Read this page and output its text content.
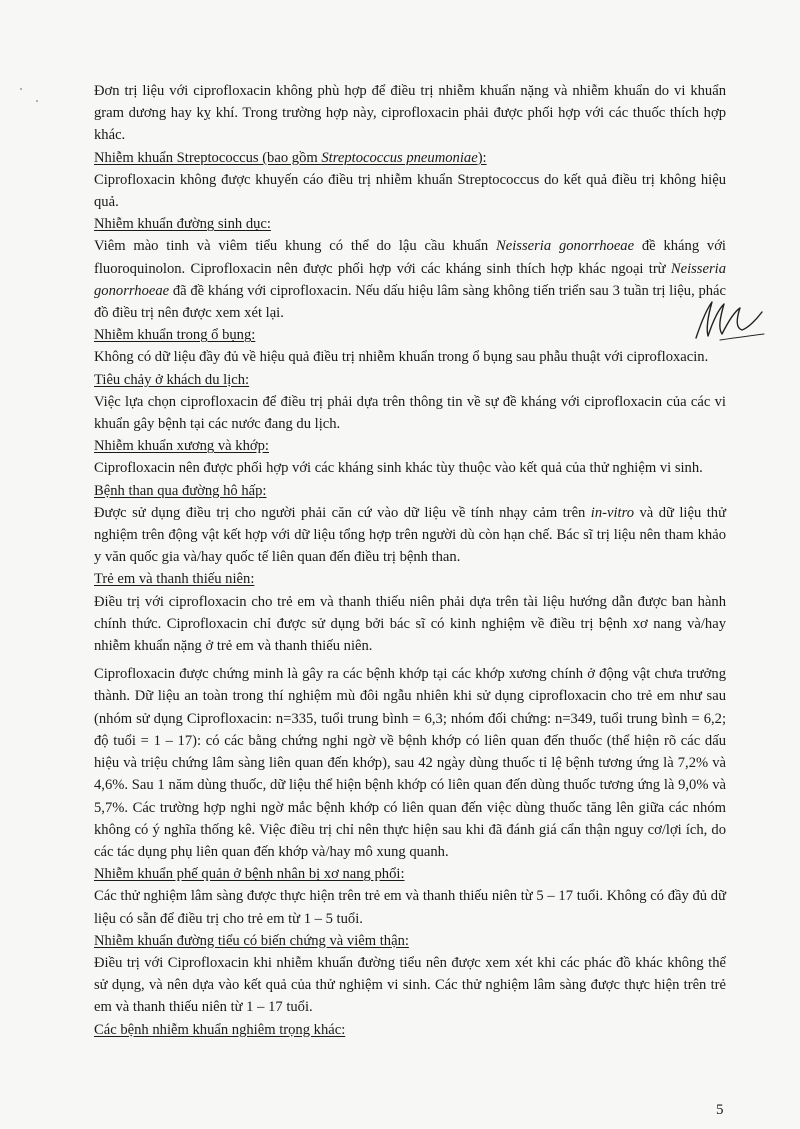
Đơn trị liệu với ciprofloxacin không phù hợp để điều trị nhiễm khuẩn nặng và nhiễm khuẩn do vi khuẩn gram dương hay kỵ khí. Trong trường hợp này, ciprofloxacin phải được phối hợp với các thuốc thích hợp khác.

Nhiễm khuẩn Streptococcus (bao gồm Streptococcus pneumoniae):

Ciprofloxacin không được khuyến cáo điều trị nhiễm khuẩn Streptococcus do kết quả điều trị không hiệu quả.

Nhiễm khuẩn đường sinh dục:

Viêm mào tinh và viêm tiểu khung có thể do lậu cầu khuẩn Neisseria gonorrhoeae đề kháng với fluoroquinolon. Ciprofloxacin nên được phối hợp với các kháng sinh thích hợp khác ngoại trừ Neisseria gonorrhoeae đã đề kháng với ciprofloxacin. Nếu dấu hiệu lâm sàng không tiến triển sau 3 tuần trị liệu, phác đồ điều trị nên được xem xét lại.

Nhiễm khuẩn trong ổ bụng:

Không có dữ liệu đầy đủ về hiệu quả điều trị nhiễm khuẩn trong ổ bụng sau phẫu thuật với ciprofloxacin.

Tiêu chảy ở khách du lịch:

Việc lựa chọn ciprofloxacin để điều trị phải dựa trên thông tin về sự đề kháng với ciprofloxacin của các vi khuẩn gây bệnh tại các nước đang du lịch.

Nhiễm khuẩn xương và khớp:

Ciprofloxacin nên được phối hợp với các kháng sinh khác tùy thuộc vào kết quả của thử nghiệm vi sinh.

Bệnh than qua đường hô hấp:

Được sử dụng điều trị cho người phải căn cứ vào dữ liệu về tính nhạy cảm trên in-vitro và dữ liệu thử nghiệm trên động vật kết hợp với dữ liệu tổng hợp trên người dù còn hạn chế. Bác sĩ trị liệu nên tham khảo y văn quốc gia và/hay quốc tế liên quan đến điều trị bệnh than.

Trẻ em và thanh thiếu niên:

Điều trị với ciprofloxacin cho trẻ em và thanh thiếu niên phải dựa trên tài liệu hướng dẫn được ban hành chính thức. Ciprofloxacin chỉ được sử dụng bởi bác sĩ có kinh nghiệm về điều trị bệnh xơ nang và/hay nhiễm khuẩn nặng ở trẻ em và thanh thiếu niên.

Ciprofloxacin được chứng minh là gây ra các bệnh khớp tại các khớp xương chính ở động vật chưa trưởng thành. Dữ liệu an toàn trong thí nghiệm mù đôi ngẫu nhiên khi sử dụng ciprofloxacin cho trẻ em như sau (nhóm sử dụng Ciprofloxacin: n=335, tuổi trung bình = 6,3; nhóm đối chứng: n=349, tuổi trung bình = 6,2; độ tuổi = 1 – 17): có các bằng chứng nghi ngờ về bệnh khớp có liên quan đến thuốc (thể hiện rõ các dấu hiệu và triệu chứng lâm sàng liên quan đến khớp), sau 42 ngày dùng thuốc tỉ lệ bệnh tương ứng là 7,2% và 4,6%. Sau 1 năm dùng thuốc, dữ liệu thể hiện bệnh khớp có liên quan đến dùng thuốc tương ứng là 9,0% và 5,7%. Các trường hợp nghi ngờ mắc bệnh khớp có liên quan đến việc dùng thuốc tăng lên giữa các nhóm không có ý nghĩa thống kê. Việc điều trị chỉ nên thực hiện sau khi đã đánh giá cẩn thận nguy cơ/lợi ích, do các tác dụng phụ liên quan đến khớp và/hay mô xung quanh.

Nhiễm khuẩn phế quản ở bệnh nhân bị xơ nang phổi:

Các thử nghiệm lâm sàng được thực hiện trên trẻ em và thanh thiếu niên từ 5 – 17 tuổi. Không có đầy đủ dữ liệu có sẵn để điều trị cho trẻ em từ 1 – 5 tuổi.

Nhiễm khuẩn đường tiểu có biến chứng và viêm thận:

Điều trị với Ciprofloxacin khi nhiễm khuẩn đường tiểu nên được xem xét khi các phác đồ khác không thể sử dụng, và nên dựa vào kết quả của thử nghiệm vi sinh. Các thử nghiệm lâm sàng được thực hiện trên trẻ em và thanh thiếu niên từ 1 – 17 tuổi.

Các bệnh nhiễm khuẩn nghiêm trọng khác:
5
